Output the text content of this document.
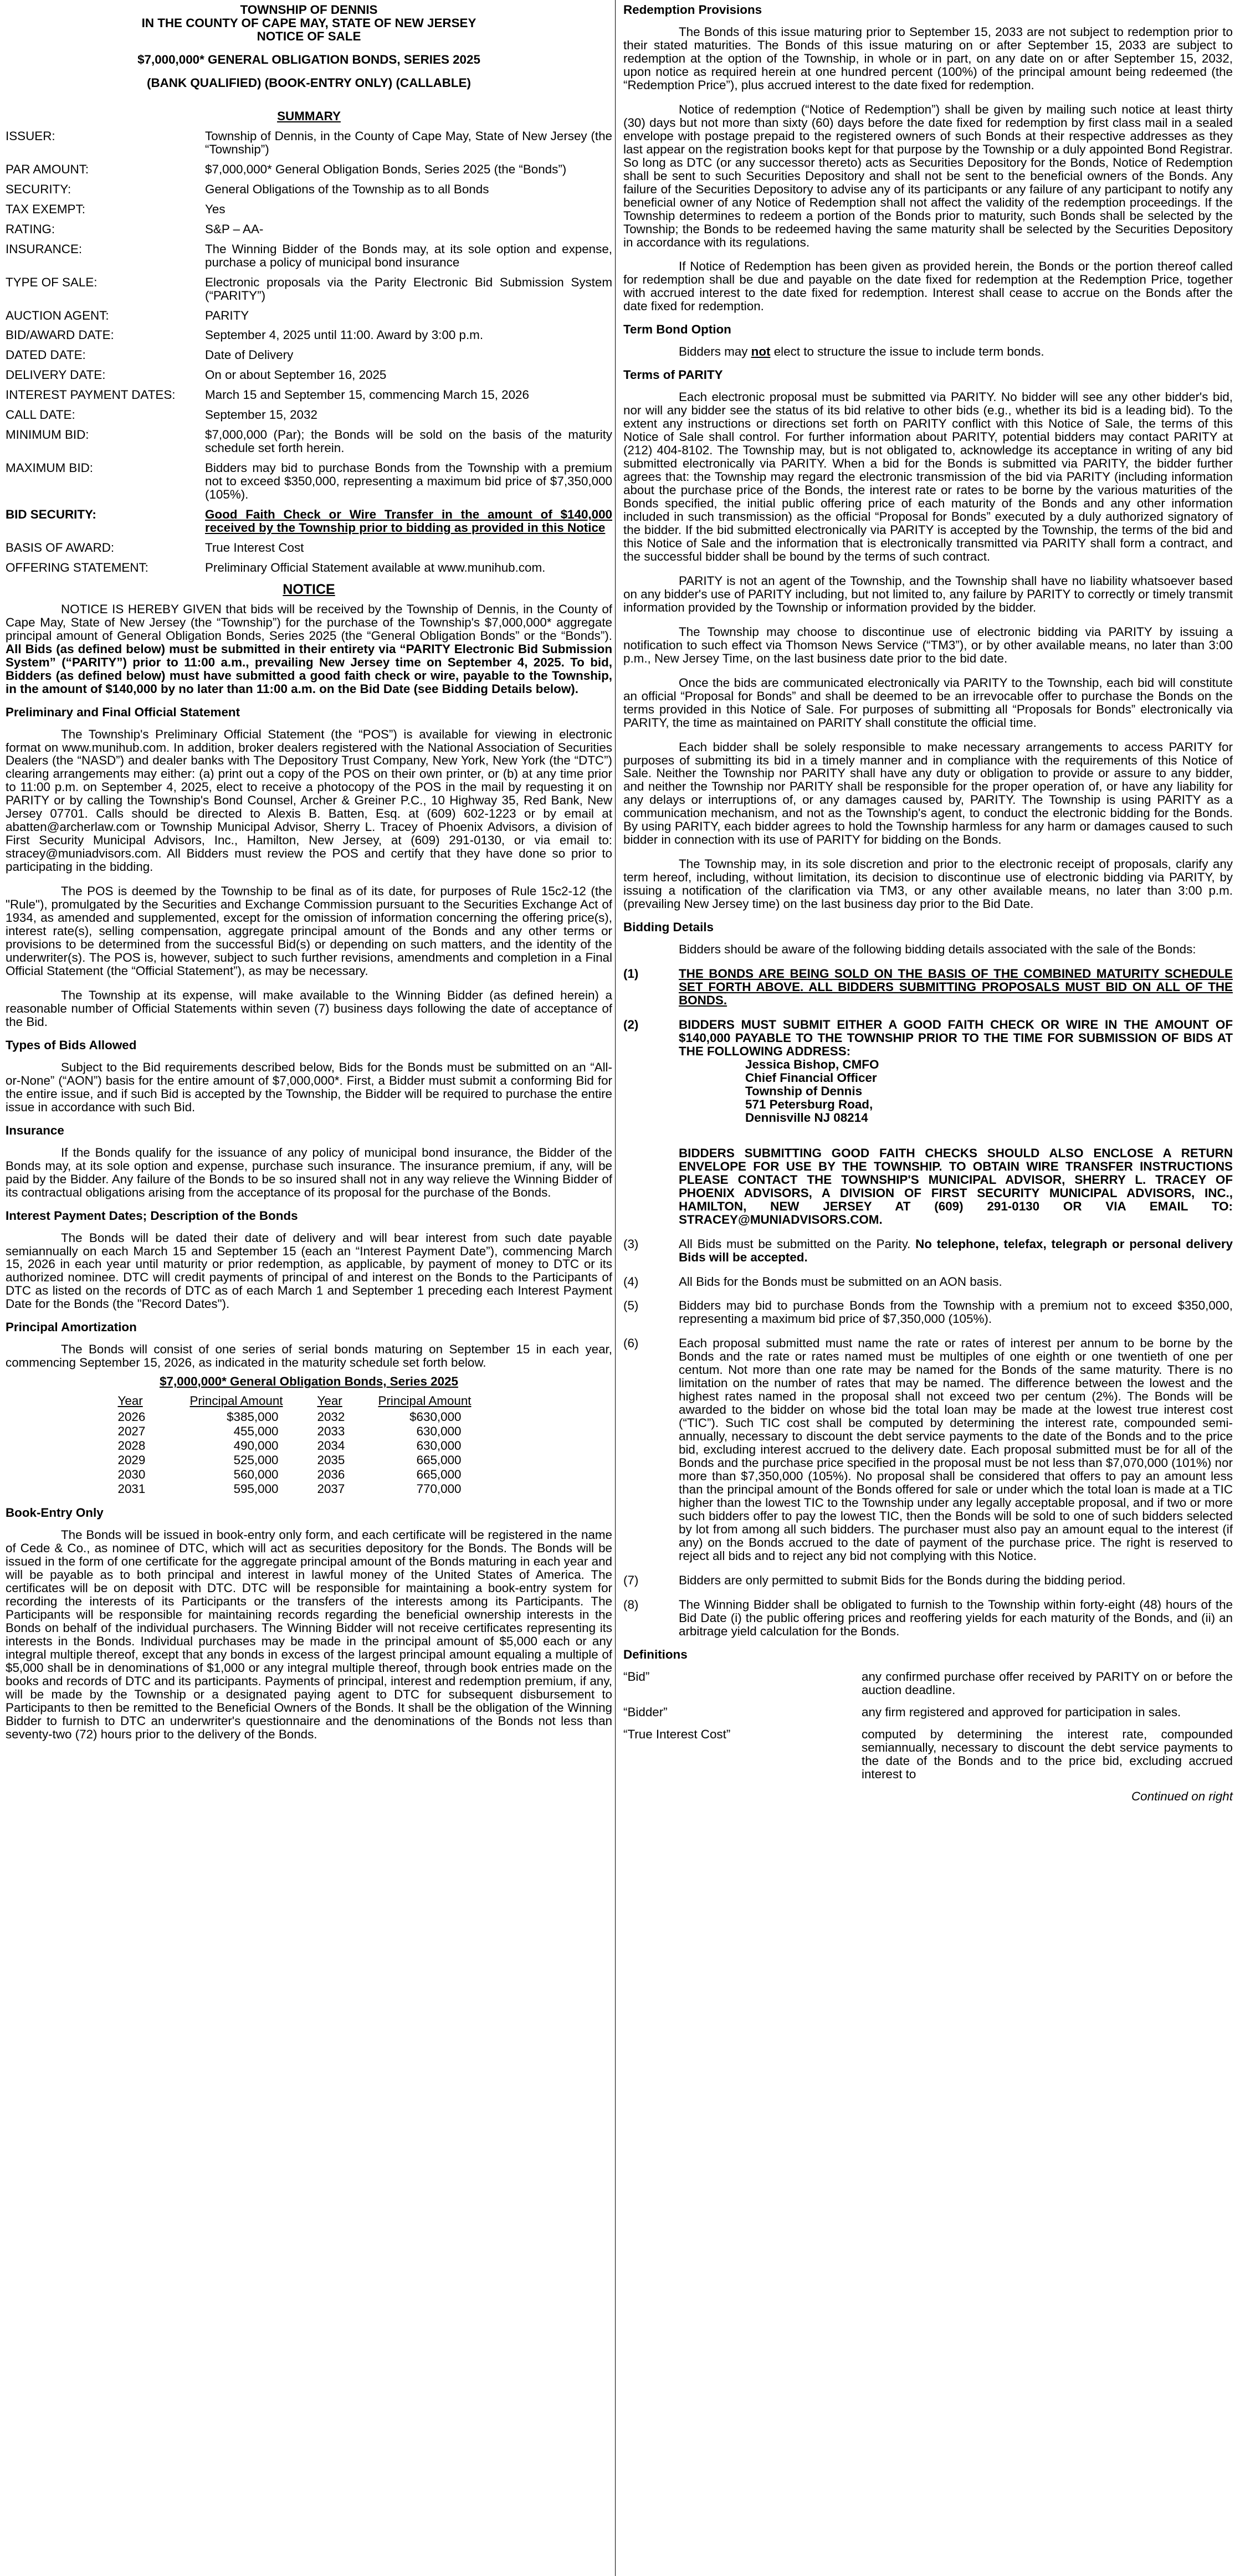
TOWNSHIP OF DENNIS
IN THE COUNTY OF CAPE MAY, STATE OF NEW JERSEY
NOTICE OF SALE
$7,000,000* GENERAL OBLIGATION BONDS, SERIES 2025
(BANK QUALIFIED) (BOOK-ENTRY ONLY) (CALLABLE)
SUMMARY
ISSUER:	Township of Dennis, in the County of Cape May, State of New Jersey (the “Township”)
PAR AMOUNT:	$7,000,000* General Obligation Bonds, Series 2025 (the “Bonds”)
SECURITY:	General Obligations of the Township as to all Bonds
TAX EXEMPT:	Yes
RATING:	S&P – AA-
INSURANCE:	The Winning Bidder of the Bonds may, at its sole option and expense, purchase a policy of municipal bond insurance
TYPE OF SALE:	Electronic proposals via the Parity Electronic Bid Submission System (“PARITY”)
AUCTION AGENT:	PARITY
BID/AWARD DATE:	September 4, 2025 until 11:00. Award by 3:00 p.m.
DATED DATE:	Date of Delivery
DELIVERY DATE:	On or about September 16, 2025
INTEREST PAYMENT DATES:	March 15 and September 15, commencing March 15, 2026
CALL DATE:	September 15, 2032
MINIMUM BID:	$7,000,000 (Par); the Bonds will be sold on the basis of the maturity schedule set forth herein.
MAXIMUM BID:	Bidders may bid to purchase Bonds from the Township with a premium not to exceed $350,000, representing a maximum bid price of $7,350,000 (105%).
BID SECURITY:	Good Faith Check or Wire Transfer in the amount of $140,000 received by the Township prior to bidding as provided in this Notice
BASIS OF AWARD:	True Interest Cost
OFFERING STATEMENT:	Preliminary Official Statement available at www.munihub.com.
NOTICE

NOTICE IS HEREBY GIVEN that bids will be received by the Township of Dennis, in the County of Cape May, State of New Jersey (the “Township”) for the purchase of the Township's $7,000,000* aggregate principal amount of General Obligation Bonds, Series 2025 (the “General Obligation Bonds” or the “Bonds”). All Bids (as defined below) must be submitted in their entirety via “PARITY Electronic Bid Submission System” (“PARITY”) prior to 11:00 a.m., prevailing New Jersey time on September 4, 2025. To bid, Bidders (as defined below) must have submitted a good faith check or wire, payable to the Township, in the amount of $140,000 by no later than 11:00 a.m. on the Bid Date (see Bidding Details below).

Preliminary and Final Official Statement

The Township's Preliminary Official Statement (the “POS”) is available for viewing in electronic format on www.munihub.com. In addition, broker dealers registered with the National Association of Securities Dealers (the “NASD”) and dealer banks with The Depository Trust Company, New York, New York (the “DTC”) clearing arrangements may either: (a) print out a copy of the POS on their own printer, or (b) at any time prior to 11:00 p.m. on September 4, 2025, elect to receive a photocopy of the POS in the mail by requesting it on PARITY or by calling the Township's Bond Counsel, Archer & Greiner P.C., 10 Highway 35, Red Bank, New Jersey 07701. Calls should be directed to Alexis B. Batten, Esq. at (609) 602-1223 or by email at abatten@archerlaw.com or Township Municipal Advisor, Sherry L. Tracey of Phoenix Advisors, a division of First Security Municipal Advisors, Inc., Hamilton, New Jersey, at (609) 291-0130, or via email to: stracey@muniadvisors.com. All Bidders must review the POS and certify that they have done so prior to participating in the bidding.

The POS is deemed by the Township to be final as of its date, for purposes of Rule 15c2-12 (the "Rule"), promulgated by the Securities and Exchange Commission pursuant to the Securities Exchange Act of 1934, as amended and supplemented, except for the omission of information concerning the offering price(s), interest rate(s), selling compensation, aggregate principal amount of the Bonds and any other terms or provisions to be determined from the successful Bid(s) or depending on such matters, and the identity of the underwriter(s). The POS is, however, subject to such further revisions, amendments and completion in a Final Official Statement (the “Official Statement”), as may be necessary.

The Township at its expense, will make available to the Winning Bidder (as defined herein) a reasonable number of Official Statements within seven (7) business days following the date of acceptance of the Bid.

Types of Bids Allowed

Subject to the Bid requirements described below, Bids for the Bonds must be submitted on an “All-or-None” (“AON”) basis for the entire amount of $7,000,000*. First, a Bidder must submit a conforming Bid for the entire issue, and if such Bid is accepted by the Township, the Bidder will be required to purchase the entire issue in accordance with such Bid.

Insurance

If the Bonds qualify for the issuance of any policy of municipal bond insurance, the Bidder of the Bonds may, at its sole option and expense, purchase such insurance. The insurance premium, if any, will be paid by the Bidder. Any failure of the Bonds to be so insured shall not in any way relieve the Winning Bidder of its contractual obligations arising from the acceptance of its proposal for the purchase of the Bonds.

Interest Payment Dates; Description of the Bonds

The Bonds will be dated their date of delivery and will bear interest from such date payable semiannually on each March 15 and September 15 (each an “Interest Payment Date”), commencing March 15, 2026 in each year until maturity or prior redemption, as applicable, by payment of money to DTC or its authorized nominee. DTC will credit payments of principal of and interest on the Bonds to the Participants of DTC as listed on the records of DTC as of each March 1 and September 1 preceding each Interest Payment Date for the Bonds (the "Record Dates").

Principal Amortization

The Bonds will consist of one series of serial bonds maturing on September 15 in each year, commencing September 15, 2026, as indicated in the maturity schedule set forth below.

$7,000,000* General Obligation Bonds, Series 2025
Year	Principal Amount	Year	Principal Amount
2026	$385,000	2032	$630,000
2027	455,000	2033	630,000
2028	490,000	2034	630,000
2029	525,000	2035	665,000
2030	560,000	2036	665,000
2031	595,000	2037	770,000
Book-Entry Only

The Bonds will be issued in book-entry only form, and each certificate will be registered in the name of Cede & Co., as nominee of DTC, which will act as securities depository for the Bonds. The Bonds will be issued in the form of one certificate for the aggregate principal amount of the Bonds maturing in each year and will be payable as to both principal and interest in lawful money of the United States of America. The certificates will be on deposit with DTC. DTC will be responsible for maintaining a book-entry system for recording the interests of its Participants or the transfers of the interests among its Participants. The Participants will be responsible for maintaining records regarding the beneficial ownership interests in the Bonds on behalf of the individual purchasers. The Winning Bidder will not receive certificates representing its interests in the Bonds. Individual purchases may be made in the principal amount of $5,000 each or any integral multiple thereof, except that any bonds in excess of the largest principal amount equaling a multiple of $5,000 shall be in denominations of $1,000 or any integral multiple thereof, through book entries made on the books and records of DTC and its participants. Payments of principal, interest and redemption premium, if any, will be made by the Township or a designated paying agent to DTC for subsequent disbursement to Participants to then be remitted to the Beneficial Owners of the Bonds. It shall be the obligation of the Winning Bidder to furnish to DTC an underwriter's questionnaire and the denominations of the Bonds not less than seventy-two (72) hours prior to the delivery of the Bonds.

Redemption Provisions

The Bonds of this issue maturing prior to September 15, 2033 are not subject to redemption prior to their stated maturities. The Bonds of this issue maturing on or after September 15, 2033 are subject to redemption at the option of the Township, in whole or in part, on any date on or after September 15, 2032, upon notice as required herein at one hundred percent (100%) of the principal amount being redeemed (the “Redemption Price”), plus accrued interest to the date fixed for redemption.

Notice of redemption (“Notice of Redemption”) shall be given by mailing such notice at least thirty (30) days but not more than sixty (60) days before the date fixed for redemption by first class mail in a sealed envelope with postage prepaid to the registered owners of such Bonds at their respective addresses as they last appear on the registration books kept for that purpose by the Township or a duly appointed Bond Registrar. So long as DTC (or any successor thereto) acts as Securities Depository for the Bonds, Notice of Redemption shall be sent to such Securities Depository and shall not be sent to the beneficial owners of the Bonds. Any failure of the Securities Depository to advise any of its participants or any failure of any participant to notify any beneficial owner of any Notice of Redemption shall not affect the validity of the redemption proceedings. If the Township determines to redeem a portion of the Bonds prior to maturity, such Bonds shall be selected by the Township; the Bonds to be redeemed having the same maturity shall be selected by the Securities Depository in accordance with its regulations.

If Notice of Redemption has been given as provided herein, the Bonds or the portion thereof called for redemption shall be due and payable on the date fixed for redemption at the Redemption Price, together with accrued interest to the date fixed for redemption. Interest shall cease to accrue on the Bonds after the date fixed for redemption.

Term Bond Option

Bidders may not elect to structure the issue to include term bonds.

Terms of PARITY

Each electronic proposal must be submitted via PARITY. No bidder will see any other bidder's bid, nor will any bidder see the status of its bid relative to other bids (e.g., whether its bid is a leading bid). To the extent any instructions or directions set forth on PARITY conflict with this Notice of Sale, the terms of this Notice of Sale shall control. For further information about PARITY, potential bidders may contact PARITY at (212) 404-8102. The Township may, but is not obligated to, acknowledge its acceptance in writing of any bid submitted electronically via PARITY. When a bid for the Bonds is submitted via PARITY, the bidder further agrees that: the Township may regard the electronic transmission of the bid via PARITY (including information about the purchase price of the Bonds, the interest rate or rates to be borne by the various maturities of the Bonds specified, the initial public offering price of each maturity of the Bonds and any other information included in such transmission) as the official “Proposal for Bonds” executed by a duly authorized signatory of the bidder. If the bid submitted electronically via PARITY is accepted by the Township, the terms of the bid and this Notice of Sale and the information that is electronically transmitted via PARITY shall form a contract, and the successful bidder shall be bound by the terms of such contract.

PARITY is not an agent of the Township, and the Township shall have no liability whatsoever based on any bidder's use of PARITY including, but not limited to, any failure by PARITY to correctly or timely transmit information provided by the Township or information provided by the bidder.

The Township may choose to discontinue use of electronic bidding via PARITY by issuing a notification to such effect via Thomson News Service (“TM3”), or by other available means, no later than 3:00 p.m., New Jersey Time, on the last business date prior to the bid date.

Once the bids are communicated electronically via PARITY to the Township, each bid will constitute an official “Proposal for Bonds” and shall be deemed to be an irrevocable offer to purchase the Bonds on the terms provided in this Notice of Sale. For purposes of submitting all “Proposals for Bonds” electronically via PARITY, the time as maintained on PARITY shall constitute the official time.

Each bidder shall be solely responsible to make necessary arrangements to access PARITY for purposes of submitting its bid in a timely manner and in compliance with the requirements of this Notice of Sale. Neither the Township nor PARITY shall have any duty or obligation to provide or assure to any bidder, and neither the Township nor PARITY shall be responsible for the proper operation of, or have any liability for any delays or interruptions of, or any damages caused by, PARITY. The Township is using PARITY as a communication mechanism, and not as the Township's agent, to conduct the electronic bidding for the Bonds. By using PARITY, each bidder agrees to hold the Township harmless for any harm or damages caused to such bidder in connection with its use of PARITY for bidding on the Bonds.

The Township may, in its sole discretion and prior to the electronic receipt of proposals, clarify any term hereof, including, without limitation, its decision to discontinue use of electronic bidding via PARITY, by issuing a notification of the clarification via TM3, or any other available means, no later than 3:00 p.m. (prevailing New Jersey time) on the last business day prior to the Bid Date.

Bidding Details

Bidders should be aware of the following bidding details associated with the sale of the Bonds:

(1)	THE BONDS ARE BEING SOLD ON THE BASIS OF THE COMBINED MATURITY SCHEDULE SET FORTH ABOVE. ALL BIDDERS SUBMITTING PROPOSALS MUST BID ON ALL OF THE BONDS.
(2)	BIDDERS MUST SUBMIT EITHER A GOOD FAITH CHECK OR WIRE IN THE AMOUNT OF $140,000 PAYABLE TO THE TOWNSHIP PRIOR TO THE TIME FOR SUBMISSION OF BIDS AT THE FOLLOWING ADDRESS:
Jessica Bishop, CMFO
Chief Financial Officer
Township of Dennis
571 Petersburg Road,
Dennisville NJ 08214
BIDDERS SUBMITTING GOOD FAITH CHECKS SHOULD ALSO ENCLOSE A RETURN ENVELOPE FOR USE BY THE TOWNSHIP. TO OBTAIN WIRE TRANSFER INSTRUCTIONS PLEASE CONTACT THE TOWNSHIP'S MUNICIPAL ADVISOR, SHERRY L. TRACEY OF PHOENIX ADVISORS, A DIVISION OF FIRST SECURITY MUNICIPAL ADVISORS, INC., HAMILTON, NEW JERSEY AT (609) 291-0130 OR VIA EMAIL TO: STRACEY@MUNIADVISORS.COM.
(3)	All Bids must be submitted on the Parity. No telephone, telefax, telegraph or personal delivery Bids will be accepted.
(4)	All Bids for the Bonds must be submitted on an AON basis.
(5)	Bidders may bid to purchase Bonds from the Township with a premium not to exceed $350,000, representing a maximum bid price of $7,350,000 (105%).
(6)	Each proposal submitted must name the rate or rates of interest per annum to be borne by the Bonds and the rate or rates named must be multiples of one eighth or one twentieth of one per centum. Not more than one rate may be named for the Bonds of the same maturity. There is no limitation on the number of rates that may be named. The difference between the lowest and the highest rates named in the proposal shall not exceed two per centum (2%). The Bonds will be awarded to the bidder on whose bid the total loan may be made at the lowest true interest cost (“TIC”). Such TIC cost shall be computed by determining the interest rate, compounded semi-annually, necessary to discount the debt service payments to the date of the Bonds and to the price bid, excluding interest accrued to the delivery date. Each proposal submitted must be for all of the Bonds and the purchase price specified in the proposal must be not less than $7,070,000 (101%) nor more than $7,350,000 (105%). No proposal shall be considered that offers to pay an amount less than the principal amount of the Bonds offered for sale or under which the total loan is made at a TIC higher than the lowest TIC to the Township under any legally acceptable proposal, and if two or more such bidders offer to pay the lowest TIC, then the Bonds will be sold to one of such bidders selected by lot from among all such bidders. The purchaser must also pay an amount equal to the interest (if any) on the Bonds accrued to the date of payment of the purchase price. The right is reserved to reject all bids and to reject any bid not complying with this Notice.
(7)	Bidders are only permitted to submit Bids for the Bonds during the bidding period.
(8)	The Winning Bidder shall be obligated to furnish to the Township within forty-eight (48) hours of the Bid Date (i) the public offering prices and reoffering yields for each maturity of the Bonds, and (ii) an arbitrage yield calculation for the Bonds.
Definitions
“Bid”	any confirmed purchase offer received by PARITY on or before the auction deadline.
“Bidder”	any firm registered and approved for participation in sales.
“True Interest Cost”	computed by determining the interest rate, compounded semiannually, necessary to discount the debt service payments to the date of the Bonds and to the price bid, excluding accrued interest to
Continued on right
